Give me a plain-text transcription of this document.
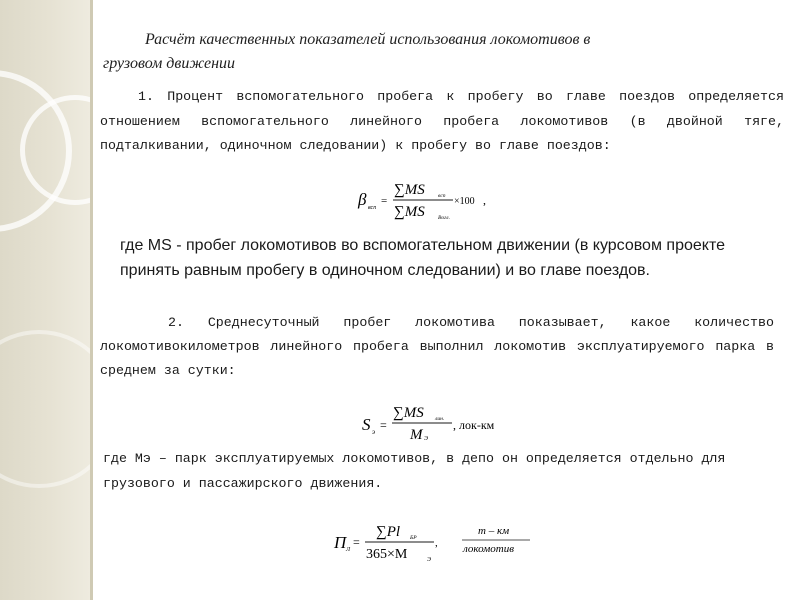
Расчёт качественных показателей использования локомотивов в
грузовом движении
1. Процент вспомогательного пробега к пробегу во главе поездов определяется отношением вспомогательного линейного пробега локомотивов (в двойной тяге, подталкивании, одиночном следовании) к пробегу во главе поездов:
β всп
=
∑MS всп
∑MS Вогл.
×100 ,
где MS - пробег локомотивов во вспомогательном движении (в курсовом проекте принять равным пробегу в одиночном следовании) и во главе поездов.
2. Среднесуточный пробег локомотива показывает, какое количество локомотивокилометров линейного пробега выполнил локомотив эксплуатируемого парка в среднем за сутки:
S э =
∑MS лин.
M Э
, лок-км
где Мэ – парк эксплуатируемых локомотивов, в депо он определяется отдельно для грузового и пассажирского движения.
П Л
=
∑Pl БР
365×M	Э
,
т – км
локомотив
